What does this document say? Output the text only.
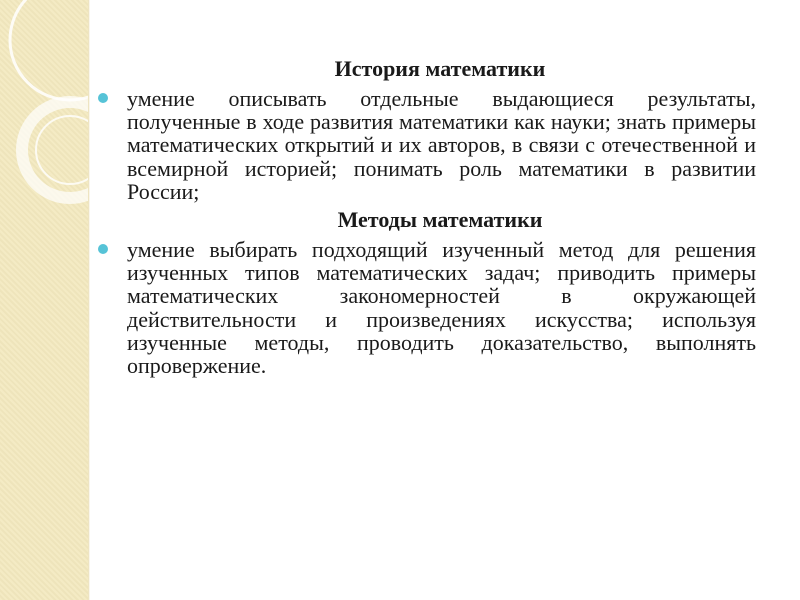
История математики
умение описывать отдельные выдающиеся результаты, полученные в ходе развития математики как науки; знать примеры математических открытий и их авторов, в связи с отечественной и всемирной историей; понимать роль математики в развитии России;
Методы математики
умение выбирать подходящий изученный метод для решения изученных типов математических задач; приводить примеры математических закономерностей в окружающей действительности и произведениях искусства; используя изученные методы, проводить доказательство, выполнять опровержение.
